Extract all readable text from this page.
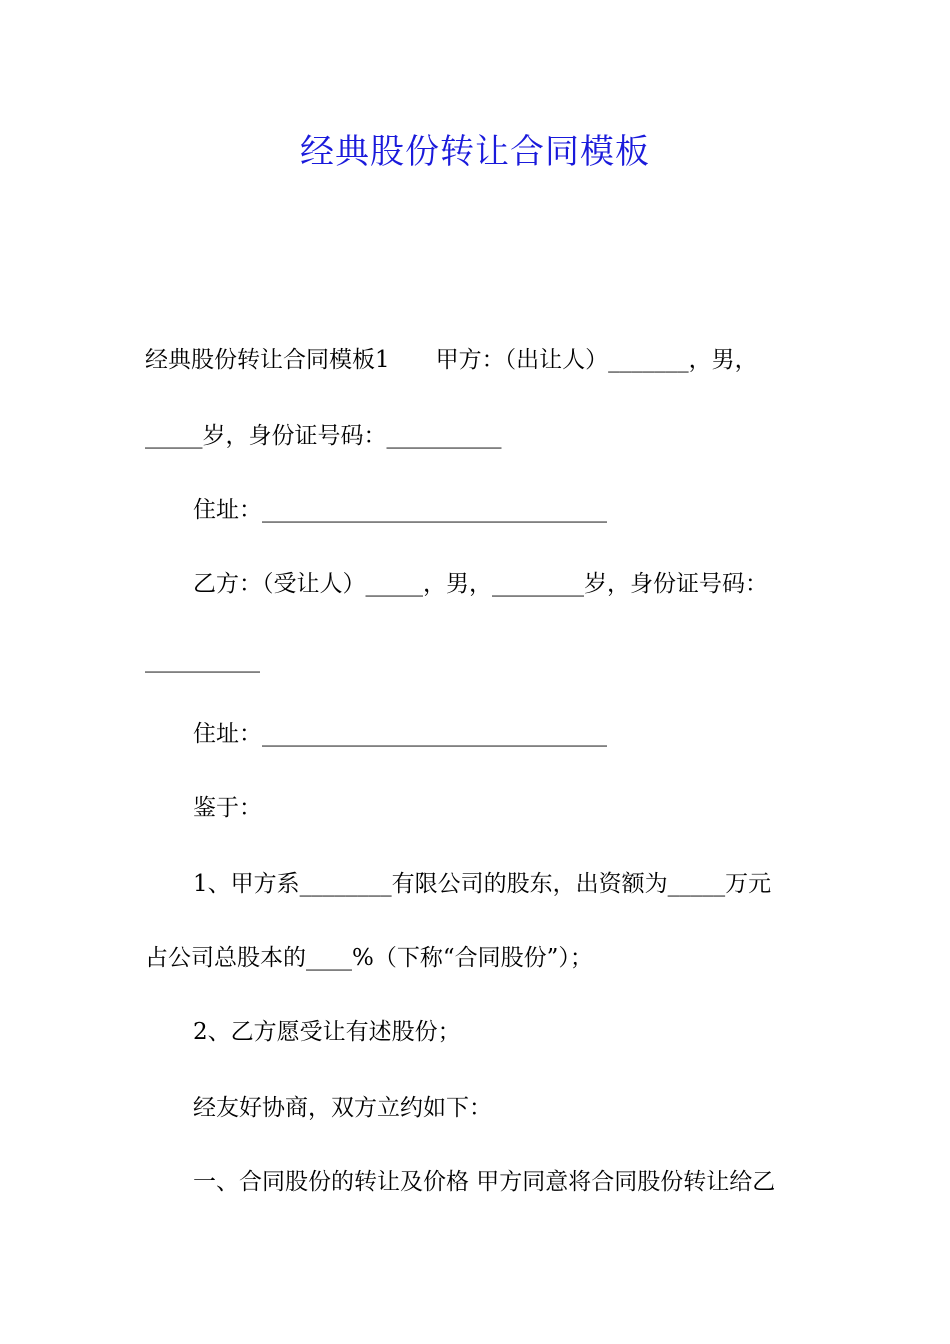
经典股份转让合同模板
经典股份转让合同模板1　　甲方：（出让人）_______，男，
_____岁，身份证号码：__________
住址：______________________________
乙方：（受让人）_____，男，________岁，身份证号码：
__________
住址：______________________________
鉴于：
1、甲方系________有限公司的股东，出资额为_____万元
占公司总股本的____%（下称“合同股份”）；
2、乙方愿受让有述股份；
经友好协商，双方立约如下：
一、合同股份的转让及价格 甲方同意将合同股份转让给乙
